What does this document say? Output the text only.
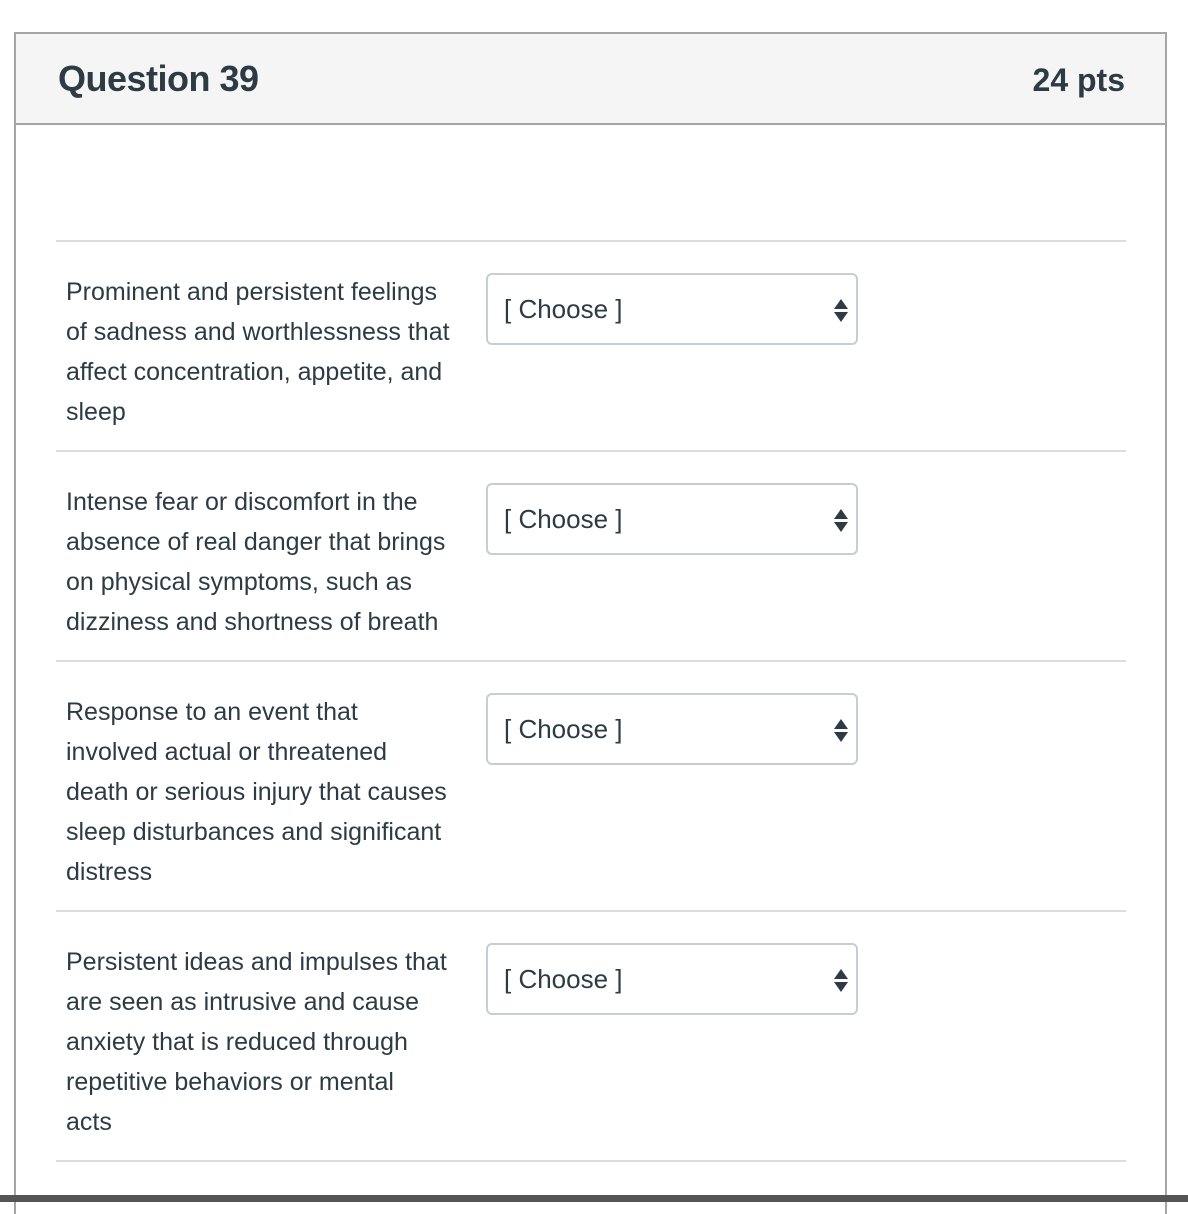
Question 39	24 pts
Prominent and persistent feelings
of sadness and worthlessness that
affect concentration, appetite, and
sleep
[ Choose ]
Intense fear or discomfort in the
absence of real danger that brings
on physical symptoms, such as
dizziness and shortness of breath
[ Choose ]
Response to an event that
involved actual or threatened
death or serious injury that causes
sleep disturbances and significant
distress
[ Choose ]
Persistent ideas and impulses that
are seen as intrusive and cause
anxiety that is reduced through
repetitive behaviors or mental
acts
[ Choose ]
